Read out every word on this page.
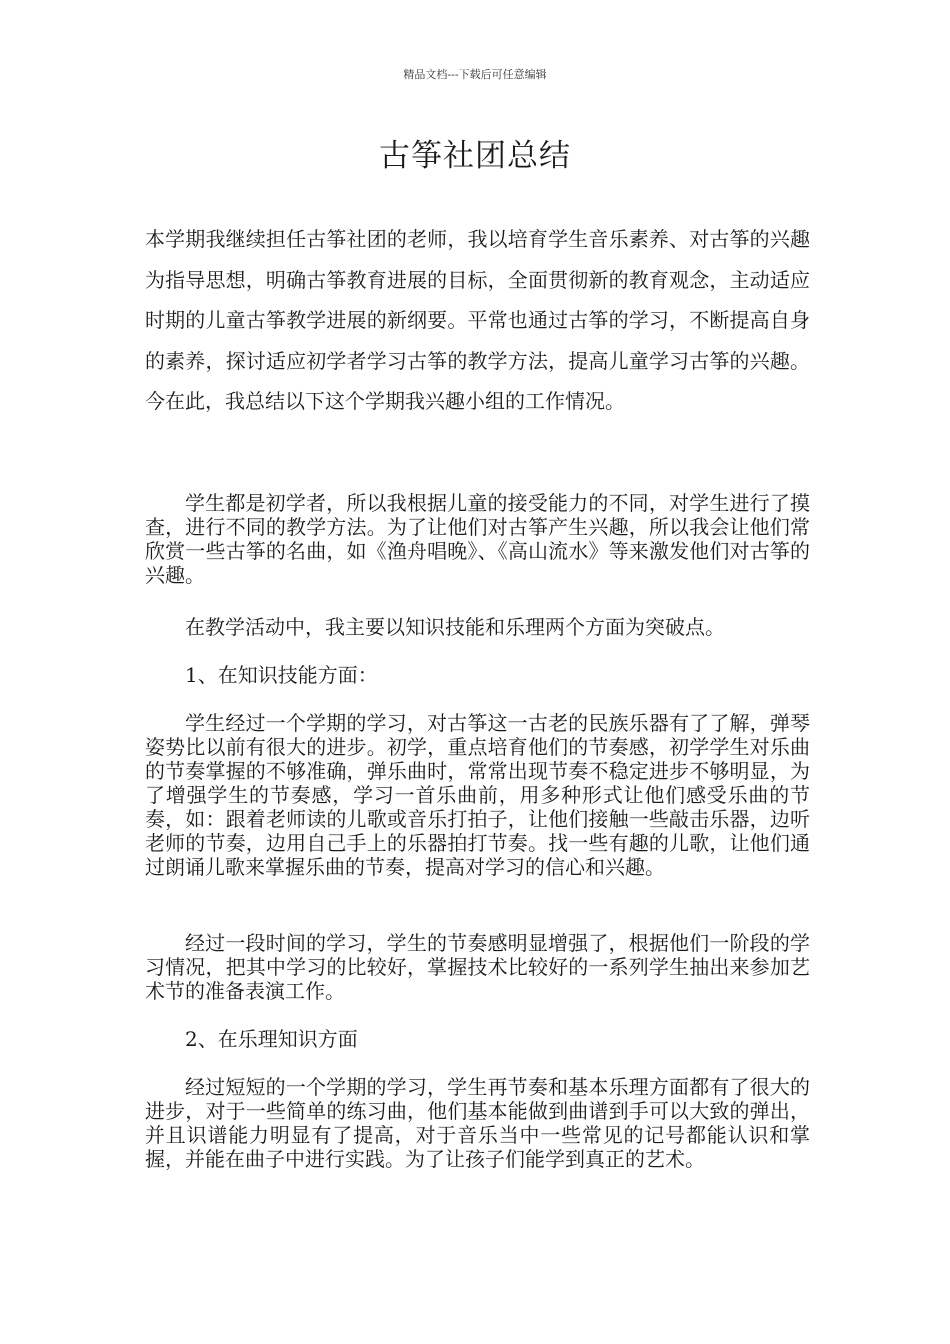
精品文档---下载后可任意编辑
古筝社团总结

本学期我继续担任古筝社团的老师，我以培育学生音乐素养、对古筝的兴趣为指导思想，明确古筝教育进展的目标，全面贯彻新的教育观念，主动适应时期的儿童古筝教学进展的新纲要。平常也通过古筝的学习，不断提高自身的素养，探讨适应初学者学习古筝的教学方法，提高儿童学习古筝的兴趣。今在此，我总结以下这个学期我兴趣小组的工作情况。

学生都是初学者，所以我根据儿童的接受能力的不同，对学生进行了摸查，进行不同的教学方法。为了让他们对古筝产生兴趣，所以我会让他们常欣赏一些古筝的名曲，如《渔舟唱晚》、《高山流水》等来激发他们对古筝的兴趣。

在教学活动中，我主要以知识技能和乐理两个方面为突破点。

1、在知识技能方面：

学生经过一个学期的学习，对古筝这一古老的民族乐器有了了解，弹琴姿势比以前有很大的进步。初学，重点培育他们的节奏感，初学学生对乐曲的节奏掌握的不够准确，弹乐曲时，常常出现节奏不稳定进步不够明显，为了增强学生的节奏感，学习一首乐曲前，用多种形式让他们感受乐曲的节奏，如：跟着老师读的儿歌或音乐打拍子，让他们接触一些敲击乐器，边听老师的节奏，边用自己手上的乐器拍打节奏。找一些有趣的儿歌，让他们通过朗诵儿歌来掌握乐曲的节奏，提高对学习的信心和兴趣。

经过一段时间的学习，学生的节奏感明显增强了，根据他们一阶段的学习情况，把其中学习的比较好，掌握技术比较好的一系列学生抽出来参加艺术节的准备表演工作。

2、在乐理知识方面

经过短短的一个学期的学习，学生再节奏和基本乐理方面都有了很大的进步，对于一些简单的练习曲，他们基本能做到曲谱到手可以大致的弹出，并且识谱能力明显有了提高，对于音乐当中一些常见的记号都能认识和掌握，并能在曲子中进行实践。为了让孩子们能学到真正的艺术。
